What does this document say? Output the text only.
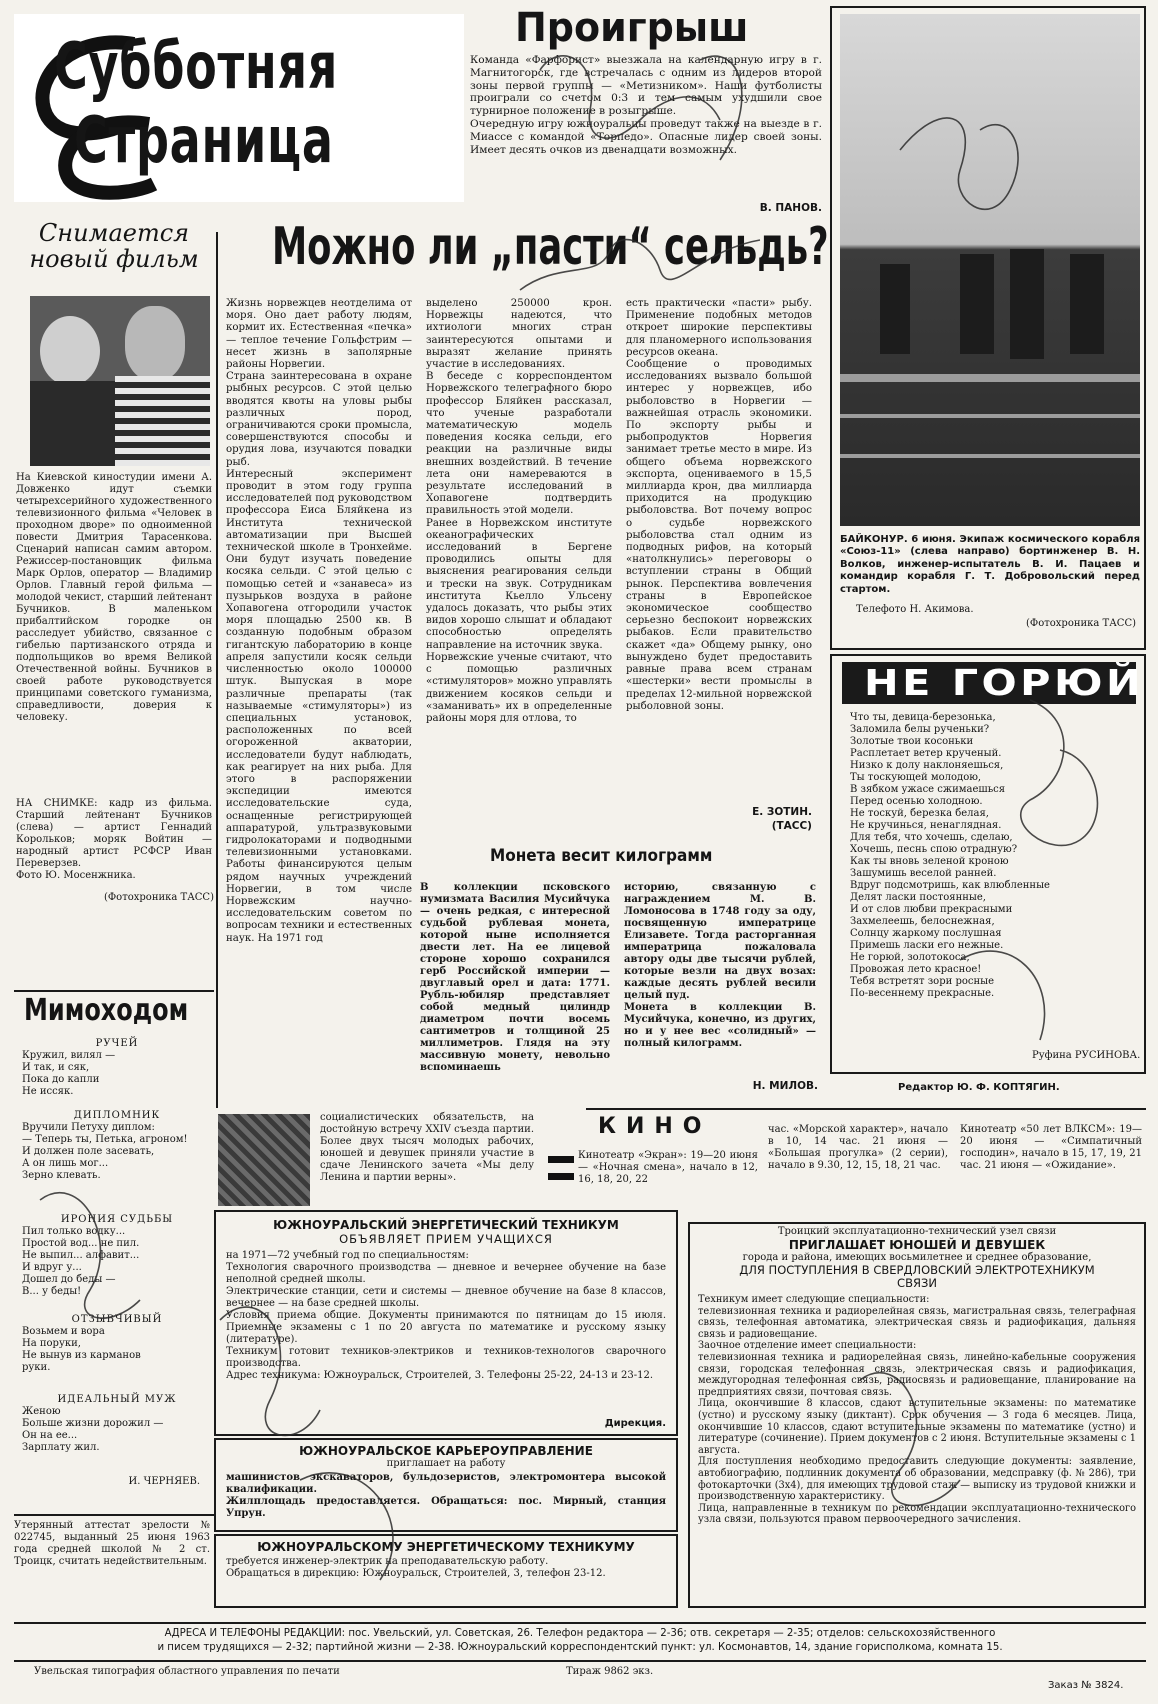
Субботняя
Страница
Проигрыш
Команда «Фарфорист» выезжала на календарную игру в г. Магнитогорск, где встречалась с одним из лидеров второй зоны первой группы — «Метизником». Наши футболисты проиграли со счетом 0:3 и тем самым ухудшили свое турнирное положение в розыгрыше.
Очередную игру южноуральцы проведут также на выезде в г. Миассе с командой «Торпедо». Опасные лидер своей зоны. Имеет десять очков из двенадцати возможных.
В. ПАНОВ.
Снимается
новый фильм
На Киевской киностудии имени А. Довженко идут съемки четырехсерийного художественного телевизионного фильма «Человек в проходном дворе» по одноименной повести Дмитрия Тарасенкова. Сценарий написан самим автором. Режиссер-постановщик фильма Марк Орлов, оператор — Владимир Орлов. Главный герой фильма — молодой чекист, старший лейтенант Бучников. В маленьком прибалтийском городке он расследует убийство, связанное с гибелью партизанского отряда и подпольщиков во время Великой Отечественной войны. Бучников в своей работе руководствуется принципами советского гуманизма, справедливости, доверия к человеку.
НА СНИМКЕ: кадр из фильма. Старший лейтенант Бучников (слева) — артист Геннадий Корольков; моряк Войтин — народный артист РСФСР Иван Переверзев.
Фото Ю. Мосенжника.
(Фотохроника ТАСС)
Можно ли „пасти“ сельдь?
Жизнь норвежцев неотделима от моря. Оно дает работу людям, кормит их. Естественная «печка» — теплое течение Гольфстрим — несет жизнь в заполярные районы Норвегии.
Страна заинтересована в охране рыбных ресурсов. С этой целью вводятся квоты на уловы рыбы различных пород, ограничиваются сроки промысла, совершенствуются способы и орудия лова, изучаются повадки рыб.
Интересный эксперимент проводит в этом году группа исследователей под руководством профессора Еиса Бляйкена из Института технической автоматизации при Высшей технической школе в Тронхейме. Они будут изучать поведение косяка сельди. С этой целью с помощью сетей и «занавеса» из пузырьков воздуха в районе Хопавогена отгородили участок моря площадью 2500 кв. В созданную подобным образом гигантскую лабораторию в конце апреля запустили косяк сельди численностью около 100000 штук. Выпуская в море различные препараты (так называемые «стимуляторы») из специальных установок, расположенных по всей огороженной акватории, исследователи будут наблюдать, как реагирует на них рыба. Для этого в распоряжении экспедиции имеются исследовательские суда, оснащенные регистрирующей аппаратурой, ультразвуковыми гидролокаторами и подводными телевизионными установками. Работы финансируются целым рядом научных учреждений Норвегии, в том числе Норвежским научно-исследовательским советом по вопросам техники и естественных наук. На 1971 год
выделено 250000 крон. Норвежцы надеются, что ихтиологи многих стран заинтересуются опытами и выразят желание принять участие в исследованиях.
В беседе с корреспондентом Норвежского телеграфного бюро профессор Бляйкен рассказал, что ученые разработали математическую модель поведения косяка сельди, его реакции на различные виды внешних воздействий. В течение лета они намереваются в результате исследований в Хопавогене подтвердить правильность этой модели.
Ранее в Норвежском институте океанографических исследований в Бергене проводились опыты для выяснения реагирования сельди и трески на звук. Сотрудникам института Кьелло Ульсену удалось доказать, что рыбы этих видов хорошо слышат и обладают способностью определять направление на источник звука.
Норвежские ученые считают, что с помощью различных «стимуляторов» можно управлять движением косяков сельди и «заманивать» их в определенные районы моря для отлова, то
есть практически «пасти» рыбу. Применение подобных методов откроет широкие перспективы для планомерного использования ресурсов океана.
Сообщение о проводимых исследованиях вызвало большой интерес у норвежцев, ибо рыболовство в Норвегии — важнейшая отрасль экономики. По экспорту рыбы и рыбопродуктов Норвегия занимает третье место в мире. Из общего объема норвежского экспорта, оцениваемого в 15,5 миллиарда крон, два миллиарда приходится на продукцию рыболовства. Вот почему вопрос о судьбе норвежского рыболовства стал одним из подводных рифов, на который «натолкнулись» переговоры о вступлении страны в Общий рынок. Перспектива вовлечения страны в Европейское экономическое сообщество серьезно беспокоит норвежских рыбаков. Если правительство скажет «да» Общему рынку, оно вынуждено будет предоставить равные права всем странам «шестерки» вести промыслы в пределах 12-мильной норвежской рыболовной зоны.
Е. ЗОТИН.
(ТАСС)
Монета весит килограмм
В коллекции псковского нумизмата Василия Мусийчука — очень редкая, с интересной судьбой рублевая монета, которой ныне исполняется двести лет. На ее лицевой стороне хорошо сохранился герб Российской империи — двуглавый орел и дата: 1771. Рубль-юбиляр представляет собой медный цилиндр диаметром почти восемь сантиметров и толщиной 25 миллиметров. Глядя на эту массивную монету, невольно вспоминаешь
историю, связанную с награждением М. В. Ломоносова в 1748 году за оду, посвященную императрице Елизавете. Тогда расторганная императрица пожаловала автору оды две тысячи рублей, которые везли на двух возах: каждые десять рублей весили целый пуд.
Монета в коллекции В. Мусийчука, конечно, из других, но и у нее вес «солидный» — полный килограмм.
Н. МИЛОВ.
БАЙКОНУР. 6 июня. Экипаж космического корабля «Союз-11» (слева направо) бортинженер В. Н. Волков, инженер-испытатель В. И. Пацаев и командир корабля Г. Т. Добровольский перед стартом.
Телефото Н. Акимова.
(Фотохроника ТАСС)
НЕ ГОРЮЙ
Что ты, девица-березонька,
Заломила белы рученьки?
Золотые твои косоньки
Расплетает ветер крученый.
Низко к долу наклоняешься,
Ты тоскующей молодою,
В зябком ужасе сжимаешься
Перед осенью холодною.
Не тоскуй, березка белая,
Не кручинься, ненаглядная.
Для тебя, что хочешь, сделаю,
Хочешь, песнь спою отрадную?
Как ты вновь зеленой кроною
Зашумишь веселой ранней.
Вдруг подсмотришь, как влюбленные
Делят ласки постоянные,
И от слов любви прекрасными
Захмелеешь, белоснежная,
Солнцу жаркому послушная
Примешь ласки его нежные.
Не горюй, золотокоса,
Провожая лето красное!
Тебя встретят зори росные
По-весеннему прекрасные.
Руфина РУСИНОВА.
Редактор Ю. Ф. КОПТЯГИН.
Мимоходом
РУЧЕЙ
Кружил, вилял —
И так, и сяк,
Пока до капли
Не иссяк.
ДИПЛОМНИК
Вручили Петуху диплом:
— Теперь ты, Петька, агроном!
И должен поле засевать,
А он лишь мог...
Зерно клевать.
ИРОНИЯ СУДЬБЫ
Пил только водку...
Простой вод... не пил.
Не выпил... алфавит...
И вдруг у...
Дошел до беды —
В... у беды!
ОТЗЫВЧИВЫЙ
Возьмем и вора
На поруки,
Не вынув из карманов
руки.
ИДЕАЛЬНЫЙ МУЖ
Женою
Больше жизни дорожил —
Он на ее...
Зарплату жил.
И. ЧЕРНЯЕВ.
Утерянный аттестат зрелости № 022745, выданный 25 июня 1963 года средней школой № 2 ст. Троицк, считать недействительным.
социалистических обязательств, на достойную встречу XXIV съезда партии. Более двух тысяч молодых рабочих, юношей и девушек приняли участие в сдаче Ленинского зачета «Мы делу Ленина и партии верны».
КИНО
Кинотеатр «Экран»: 19—20 июня — «Ночная смена», начало в 12, 16, 18, 20, 22
час. «Морской характер», начало в 10, 14 час. 21 июня — «Большая прогулка» (2 серии), начало в 9.30, 12, 15, 18, 21 час.
Кинотеатр «50 лет ВЛКСМ»: 19—20 июня — «Симпатичный господин», начало в 15, 17, 19, 21 час. 21 июня — «Ожидание».
ЮЖНОУРАЛЬСКИЙ ЭНЕРГЕТИЧЕСКИЙ ТЕХНИКУМ
ОБЪЯВЛЯЕТ ПРИЕМ УЧАЩИХСЯ
на 1971—72 учебный год по специальностям:
Технология сварочного производства — дневное и вечернее обучение на базе неполной средней школы.
Электрические станции, сети и системы — дневное обучение на базе 8 классов, вечернее — на базе средней школы.
Условия приема общие. Документы принимаются по пятницам до 15 июля. Приемные экзамены с 1 по 20 августа по математике и русскому языку (литературе).
Техникум готовит техников-электриков и техников-технологов сварочного производства.
Адрес техникума: Южноуральск, Строителей, 3. Телефоны 25-22, 24-13 и 23-12.
Дирекция.
ЮЖНОУРАЛЬСКОЕ КАРЬЕРОУПРАВЛЕНИЕ
приглашает на работу
машинистов экскаваторов, бульдозеристов, электромонтера высокой квалификации.
Жилплощадь предоставляется. Обращаться: пос. Мирный, станция Упрун.
ЮЖНОУРАЛЬСКОМУ ЭНЕРГЕТИЧЕСКОМУ ТЕХНИКУМУ
требуется инженер-электрик на преподавательскую работу.
Обращаться в дирекцию: Южноуральск, Строителей, 3, телефон 23-12.
Троицкий эксплуатационно-технический узел связи
ПРИГЛАШАЕТ ЮНОШЕЙ И ДЕВУШЕК
города и района, имеющих восьмилетнее и среднее образование,
ДЛЯ ПОСТУПЛЕНИЯ В СВЕРДЛОВСКИЙ ЭЛЕКТРОТЕХНИКУМ СВЯЗИ
Техникум имеет следующие специальности:
телевизионная техника и радиорелейная связь, магистральная связь, телеграфная связь, телефонная автоматика, электрическая связь и радиофикация, дальняя связь и радиовещание.
Заочное отделение имеет специальности:
телевизионная техника и радиорелейная связь, линейно-кабельные сооружения связи, городская телефонная связь, электрическая связь и радиофикация, междугородная телефонная связь, радиосвязь и радиовещание, планирование на предприятиях связи, почтовая связь.
Лица, окончившие 8 классов, сдают вступительные экзамены: по математике (устно) и русскому языку (диктант). Срок обучения — 3 года 6 месяцев. Лица, окончившие 10 классов, сдают вступительные экзамены по математике (устно) и литературе (сочинение). Прием документов с 2 июня. Вступительные экзамены с 1 августа.
Для поступления необходимо предоставить следующие документы: заявление, автобиографию, подлинник документа об образовании, медсправку (ф. № 286), три фотокарточки (3х4), для имеющих трудовой стаж — выписку из трудовой книжки и производственную характеристику.
Лица, направленные в техникум по рекомендации эксплуатационно-технического узла связи, пользуются правом первоочередного зачисления.
АДРЕСА И ТЕЛЕФОНЫ РЕДАКЦИИ: пос. Увельский, ул. Советская, 26. Телефон редактора — 2-36; отв. секретаря — 2-35; отделов: сельскохозяйственного
и писем трудящихся — 2-32; партийной жизни — 2-38. Южноуральский корреспондентский пункт: ул. Космонавтов, 14, здание горисполкома, комната 15.
Увельская типография областного управления по печати	Тираж 9862 экз.
Заказ № 3824.
